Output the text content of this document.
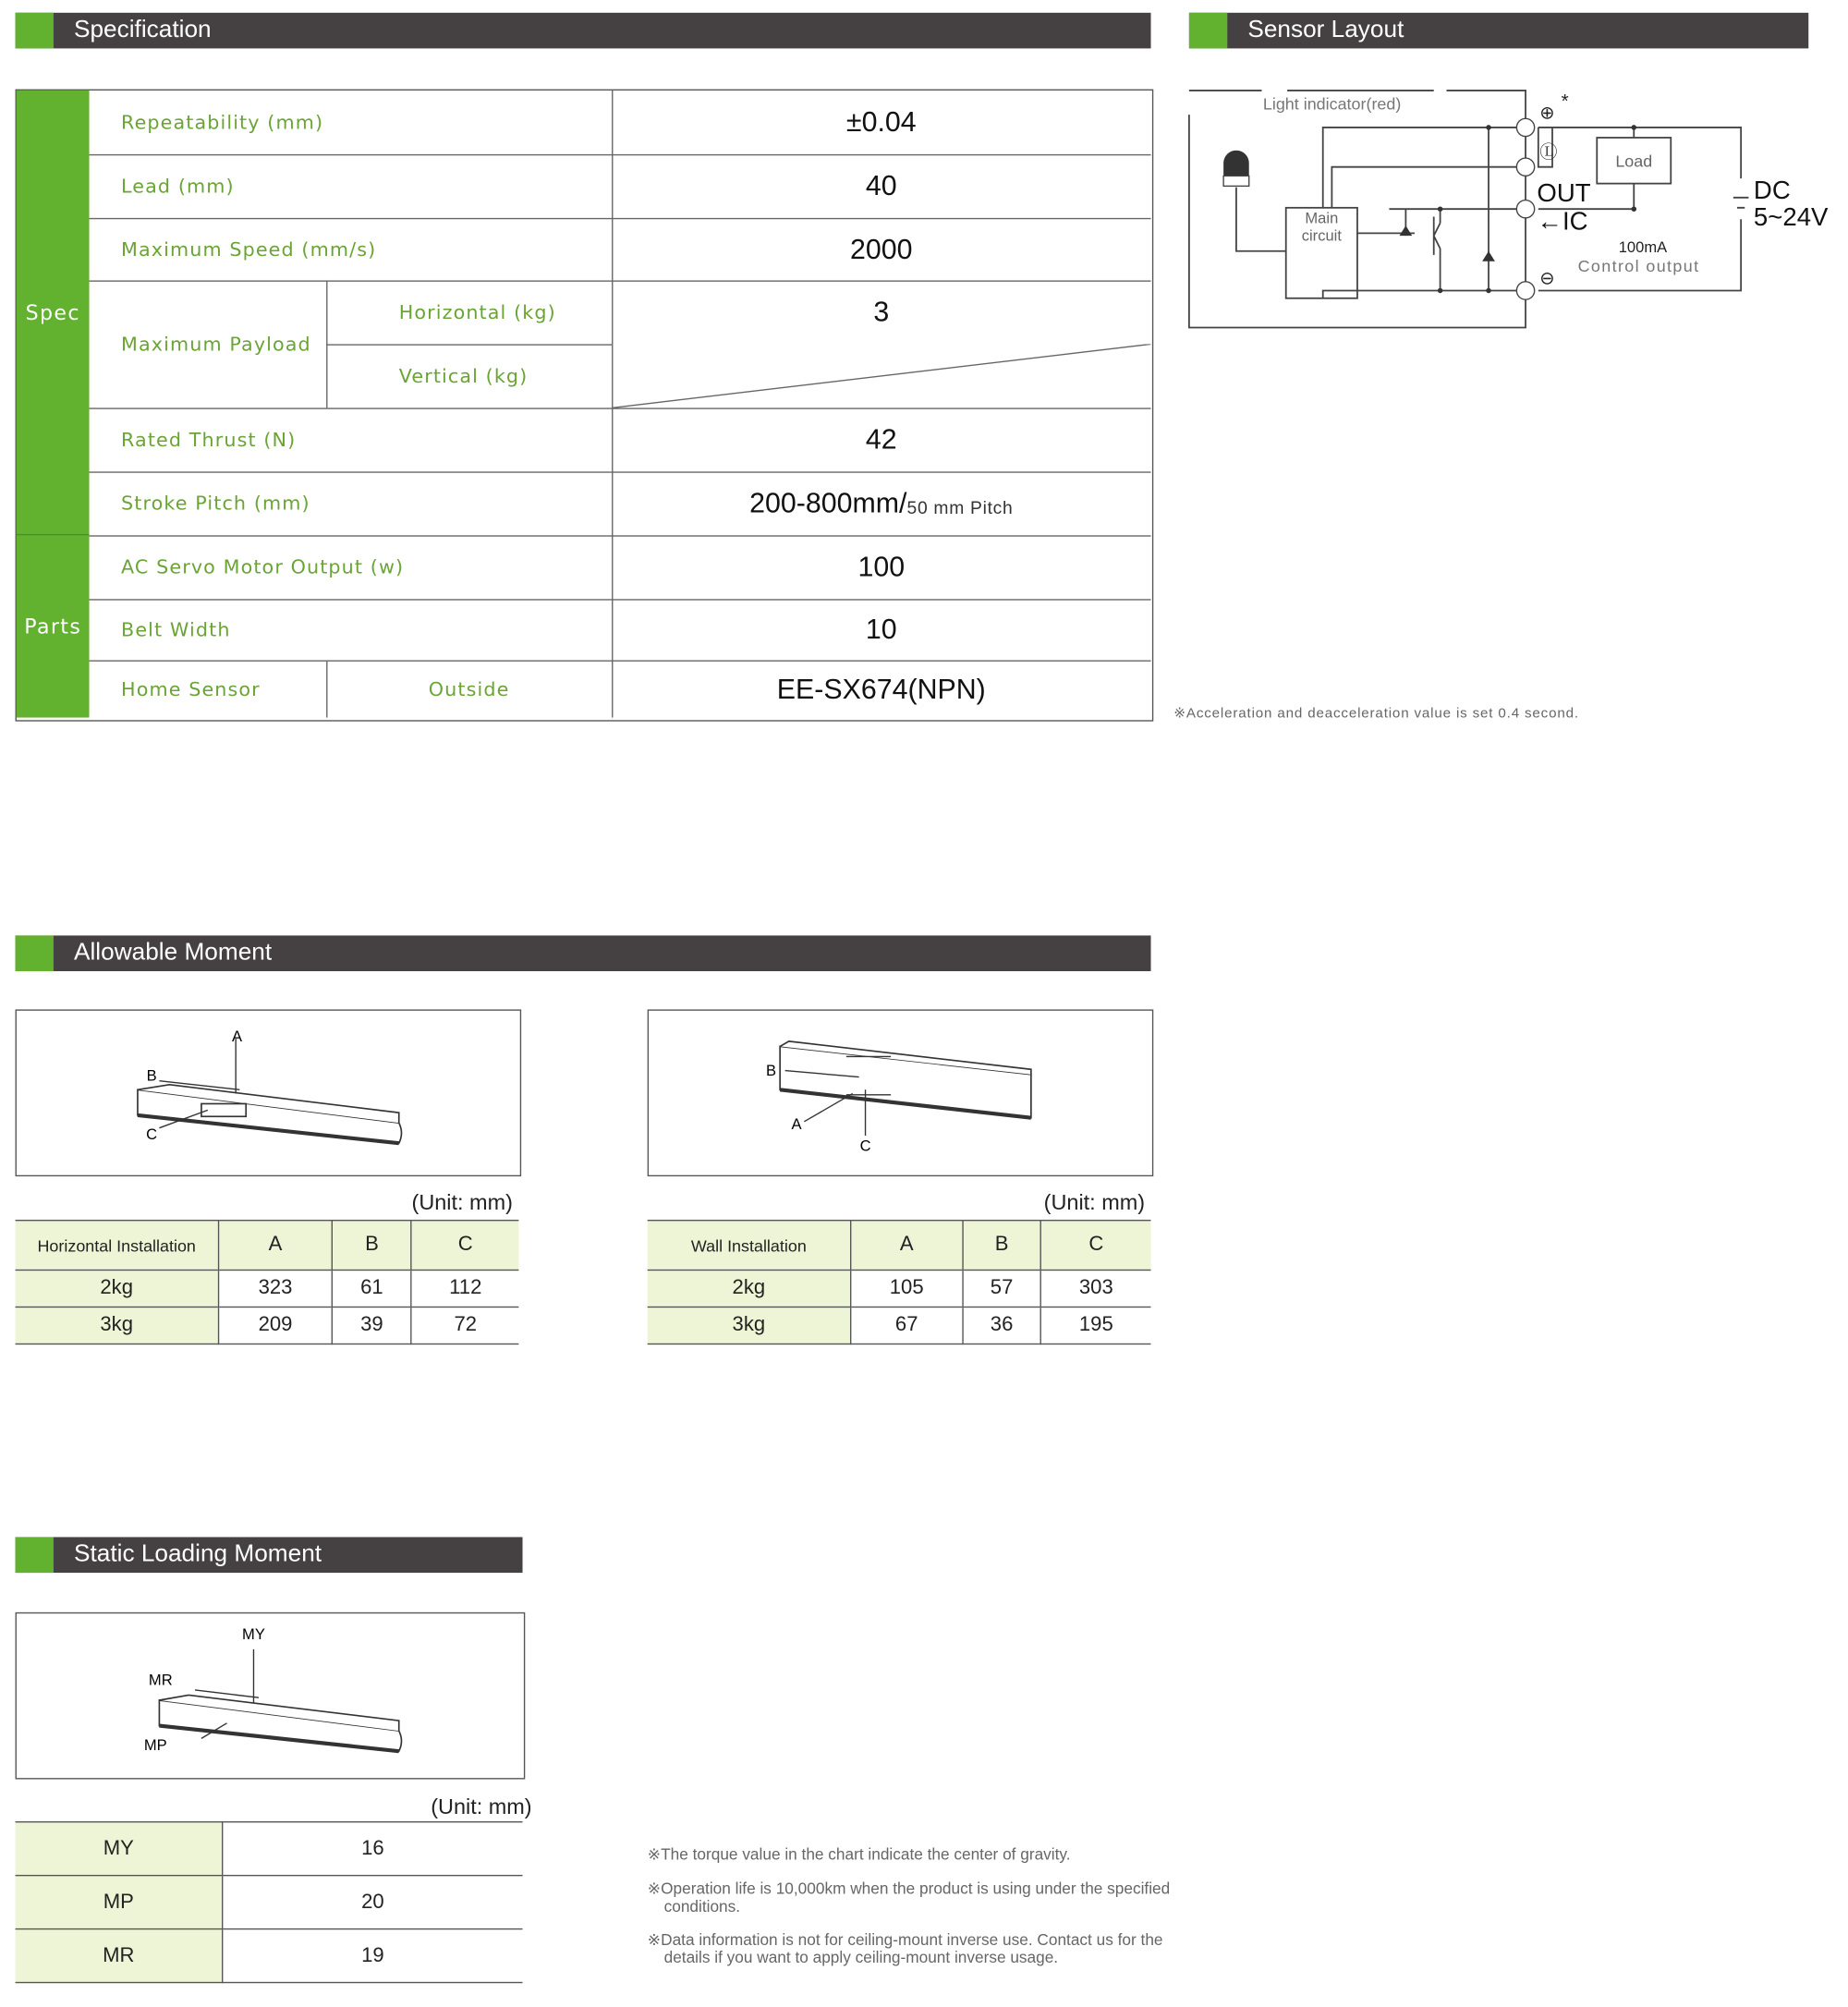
Specification	Sensor Layout
Allowable Moment
Static Loading Moment
Spec
Parts
Repeatability (mm)	±0.04
Lead (mm)	40
Maximum Speed (mm/s)	2000
Maximum Payload
Horizontal (kg)	3
Vertical (kg)
Rated Thrust (N)	42
Stroke Pitch (mm)	200-800mm/ 50 mm Pitch
AC Servo Motor Output (w)	100
Belt Width	10
Home Sensor	Outside	EE-SX674(NPN)
⊕
Ⓛ
⊖
Light indicator(red)	*
Main
circuit
Load
OUT
←IC
100mA
Control output
DC
5~24V
※Acceleration and deacceleration value is set 0.4 second.
A
B
C
(Unit: mm)
Horizontal Installation	A	B	C
2kg	323	61	112
3kg	209	39	72
B
A
C
(Unit: mm)
Wall Installation	A	B	C
2kg	105	57	303
3kg	67	36	195
MY
MR
MP
(Unit: mm)
MY	16
MP	20
MR	19
※The torque value in the chart indicate the center of gravity.
※Operation life is 10,000km when the product is using under the specified conditions.
※Data information is not for ceiling-mount inverse use. Contact us for the details if you want to apply ceiling-mount inverse usage.
